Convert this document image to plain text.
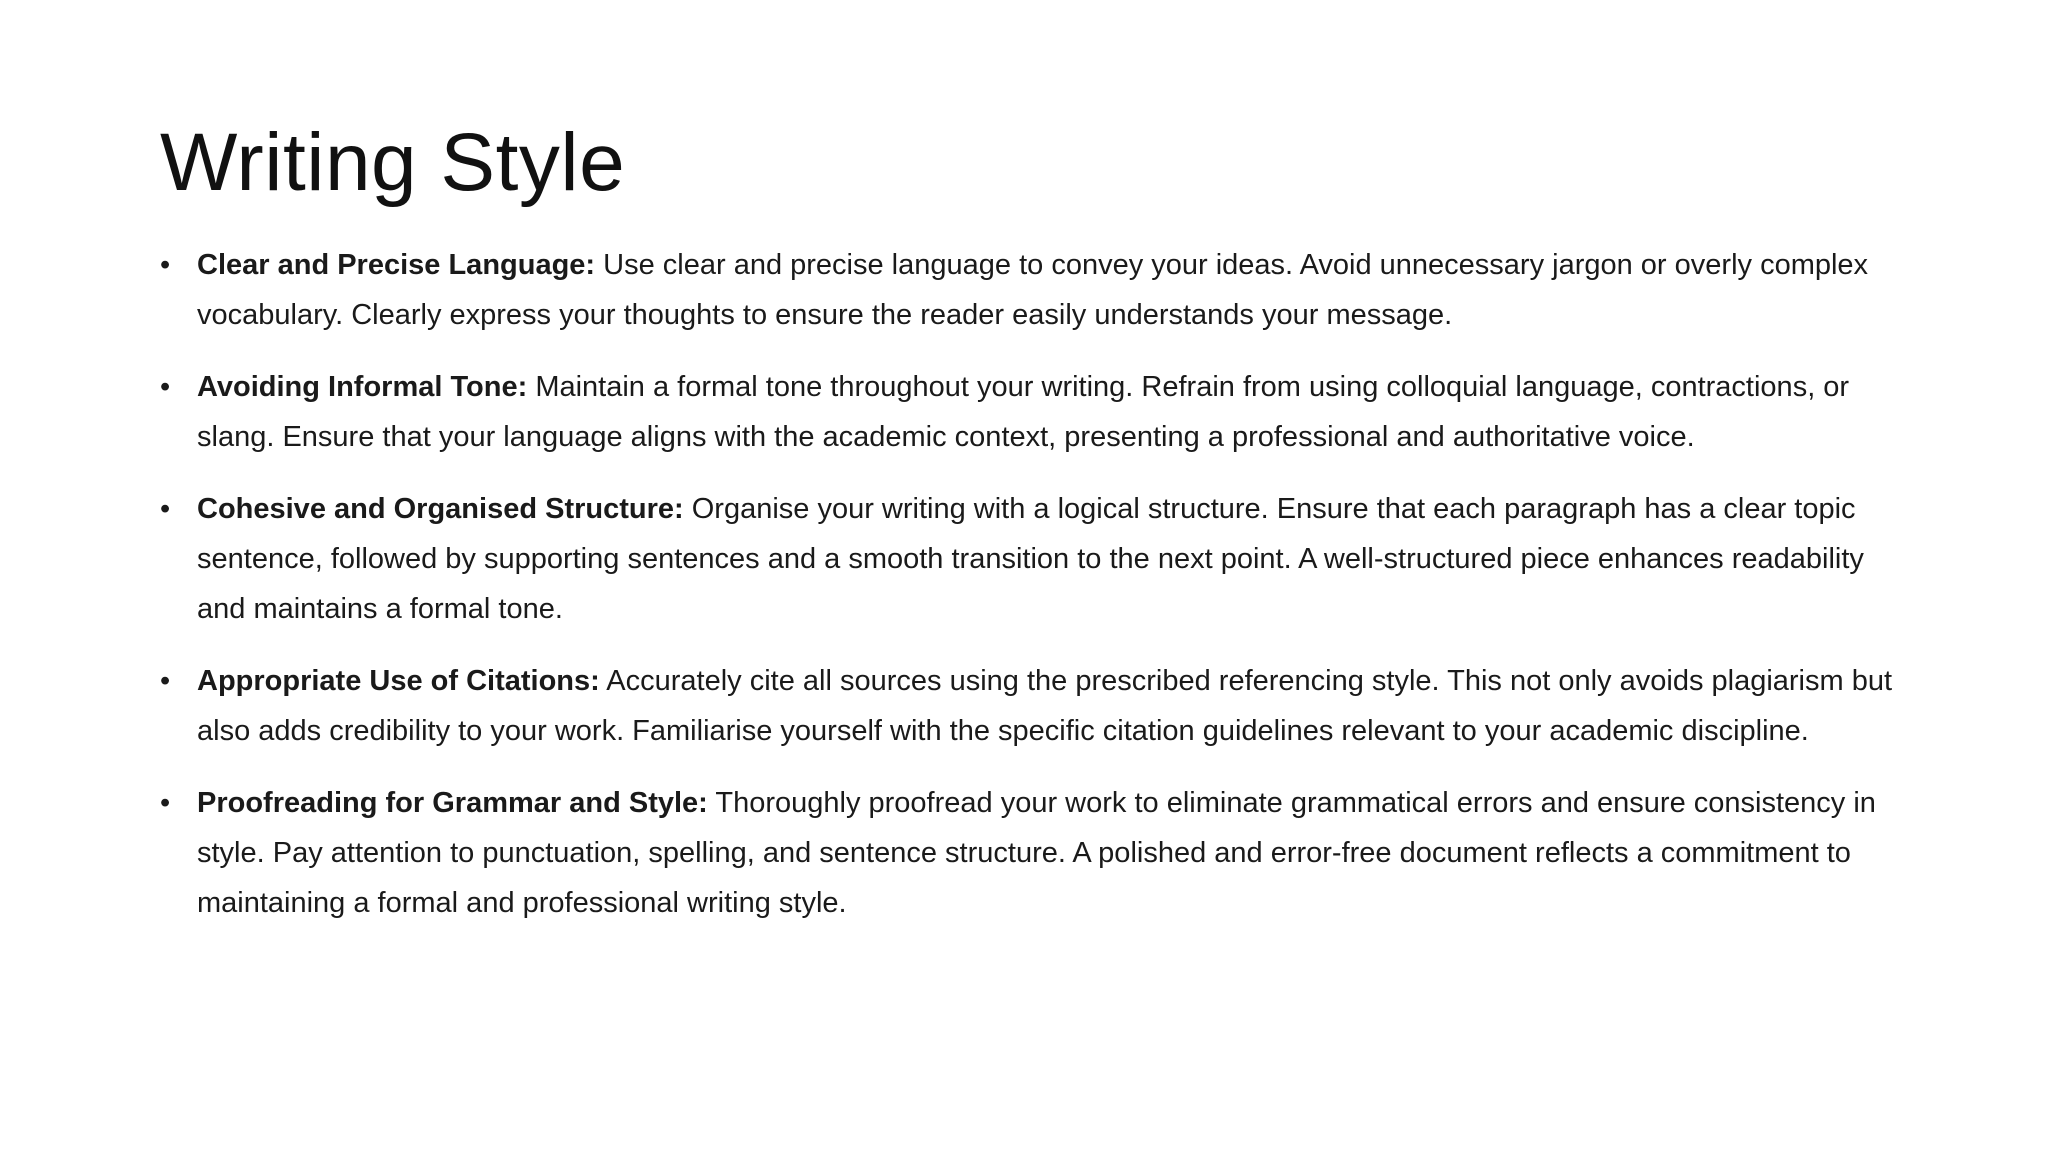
Writing Style
• Clear and Precise Language: Use clear and precise language to convey your ideas. Avoid unnecessary jargon or overly complex vocabulary. Clearly express your thoughts to ensure the reader easily understands your message.
• Avoiding Informal Tone: Maintain a formal tone throughout your writing. Refrain from using colloquial language, contractions, or slang. Ensure that your language aligns with the academic context, presenting a professional and authoritative voice.
• Cohesive and Organised Structure: Organise your writing with a logical structure. Ensure that each paragraph has a clear topic sentence, followed by supporting sentences and a smooth transition to the next point. A well-structured piece enhances readability and maintains a formal tone.
• Appropriate Use of Citations: Accurately cite all sources using the prescribed referencing style. This not only avoids plagiarism but also adds credibility to your work. Familiarise yourself with the specific citation guidelines relevant to your academic discipline.
• Proofreading for Grammar and Style: Thoroughly proofread your work to eliminate grammatical errors and ensure consistency in style. Pay attention to punctuation, spelling, and sentence structure. A polished and error-free document reflects a commitment to maintaining a formal and professional writing style.
